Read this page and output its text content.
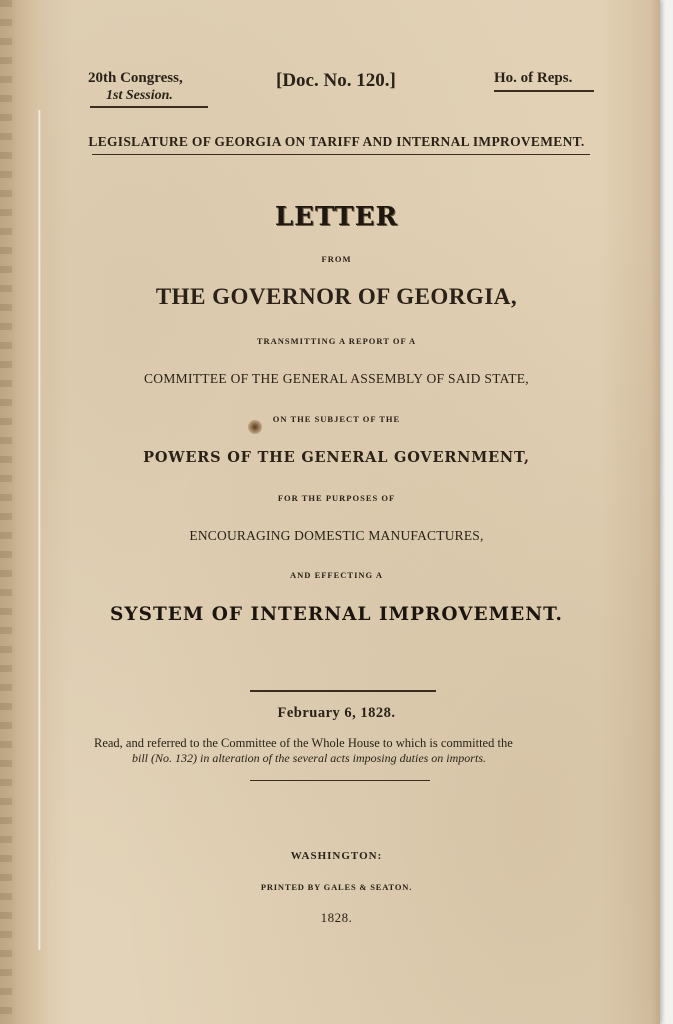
20th Congress,
1st Session.
[Doc. No. 120.]	Ho. of Reps.
LEGISLATURE OF GEORGIA ON TARIFF AND INTERNAL IMPROVEMENT.
LETTER
FROM
THE GOVERNOR OF GEORGIA,
TRANSMITTING A REPORT OF A
COMMITTEE OF THE GENERAL ASSEMBLY OF SAID STATE,
ON THE SUBJECT OF THE
POWERS OF THE GENERAL GOVERNMENT,
FOR THE PURPOSES OF
ENCOURAGING DOMESTIC MANUFACTURES,
AND EFFECTING A
SYSTEM OF INTERNAL IMPROVEMENT.
February 6, 1828.
Read, and referred to the Committee of the Whole House to which is committed the
bill (No. 132) in alteration of the several acts imposing duties on imports.
WASHINGTON:
PRINTED BY GALES & SEATON.
1828.
